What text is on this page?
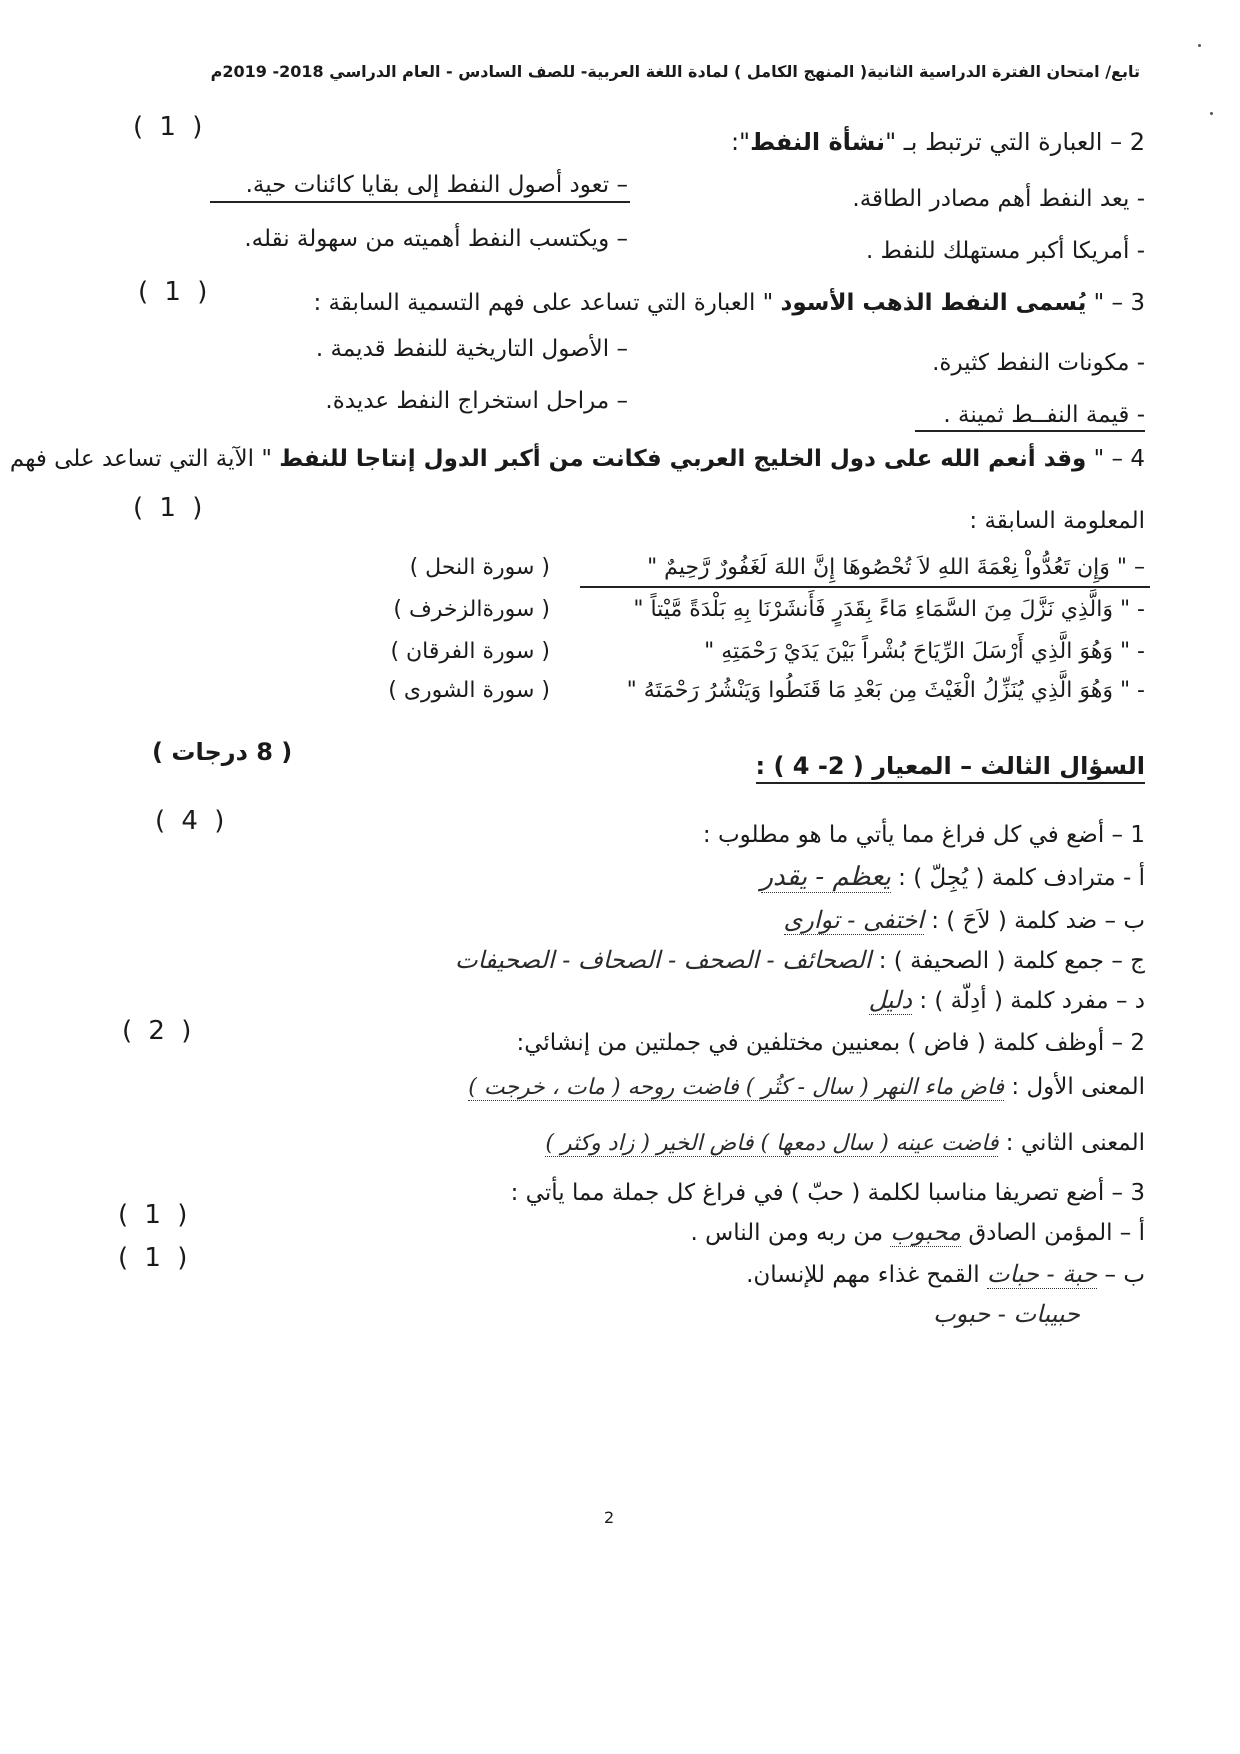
تابع/ امتحان الفترة الدراسية الثانية( المنهج الكامل ) لمادة اللغة العربية- للصف السادس - العام الدراسي 2018- 2019م
( 1 )	2 – العبارة التي ترتبط بـ "نشأة النفط":
– تعود أصول النفط إلى بقايا كائنات حية.
- يعد النفط أهم مصادر الطاقة.
– ويكتسب النفط أهميته من سهولة نقله.	- أمريكا أكبر مستهلك للنفط .
( 1 )	3 – " يُسمى النفط الذهب الأسود " العبارة التي تساعد على فهم التسمية السابقة :
– الأصول التاريخية للنفط قديمة .
- مكونات النفط كثيرة.
– مراحل استخراج النفط عديدة.
- قيمة النفــط ثمينة .
4 – " وقد أنعم الله على دول الخليج العربي فكانت من أكبر الدول إنتاجا للنفط " الآية التي تساعد على فهم
( 1 )	المعلومة السابقة :
– " وَإِن تَعُدُّواْ نِعْمَةَ اللهِ لاَ تُحْصُوهَا إِنَّ اللهَ لَغَفُورٌ رَّحِيمٌ "
( سورة النحل )
- " وَالَّذِي نَزَّلَ مِنَ السَّمَاءِ مَاءً بِقَدَرٍ فَأَنشَرْنَا بِهِ بَلْدَةً مَّيْتاً "
( سورةالزخرف )
- " وَهُوَ الَّذِي أَرْسَلَ الرِّيَاحَ بُشْراً بَيْنَ يَدَيْ رَحْمَتِهِ "
( سورة الفرقان )
- " وَهُوَ الَّذِي يُنَزِّلُ الْغَيْثَ مِن بَعْدِ مَا قَنَطُوا وَيَنْشُرُ رَحْمَتَهُ "
( سورة الشورى )
( 8 درجات )	السؤال الثالث – المعيار ( 2- 4 ) :
( 4 )	1 – أضع في كل فراغ مما يأتي ما هو مطلوب :
أ - مترادف كلمة ( يُجِلّ ) : يعظم - يقدر
ب – ضد كلمة ( لاَحَ ) : اختفى - توارى
ج – جمع كلمة ( الصحيفة ) : الصحائف - الصحف - الصحاف - الصحيفات
د – مفرد كلمة ( أدِلّة ) : دليل
( 2 )	2 – أوظف كلمة ( فاض ) بمعنيين مختلفين في جملتين من إنشائي:
المعنى الأول : فاض ماء النهر ( سال - كثُر ) فاضت روحه ( مات ، خرجت )
المعنى الثاني : فاضت عينه ( سال دمعها ) فاض الخير ( زاد وكثر )
3 – أضع تصريفا مناسبا لكلمة ( حبّ ) في فراغ كل جملة مما يأتي :
( 1 )
( 1 )
أ – المؤمن الصادق محبوب من ربه ومن الناس .
ب – حبة - حبات القمح غذاء مهم للإنسان.
حبيبات - حبوب
2
